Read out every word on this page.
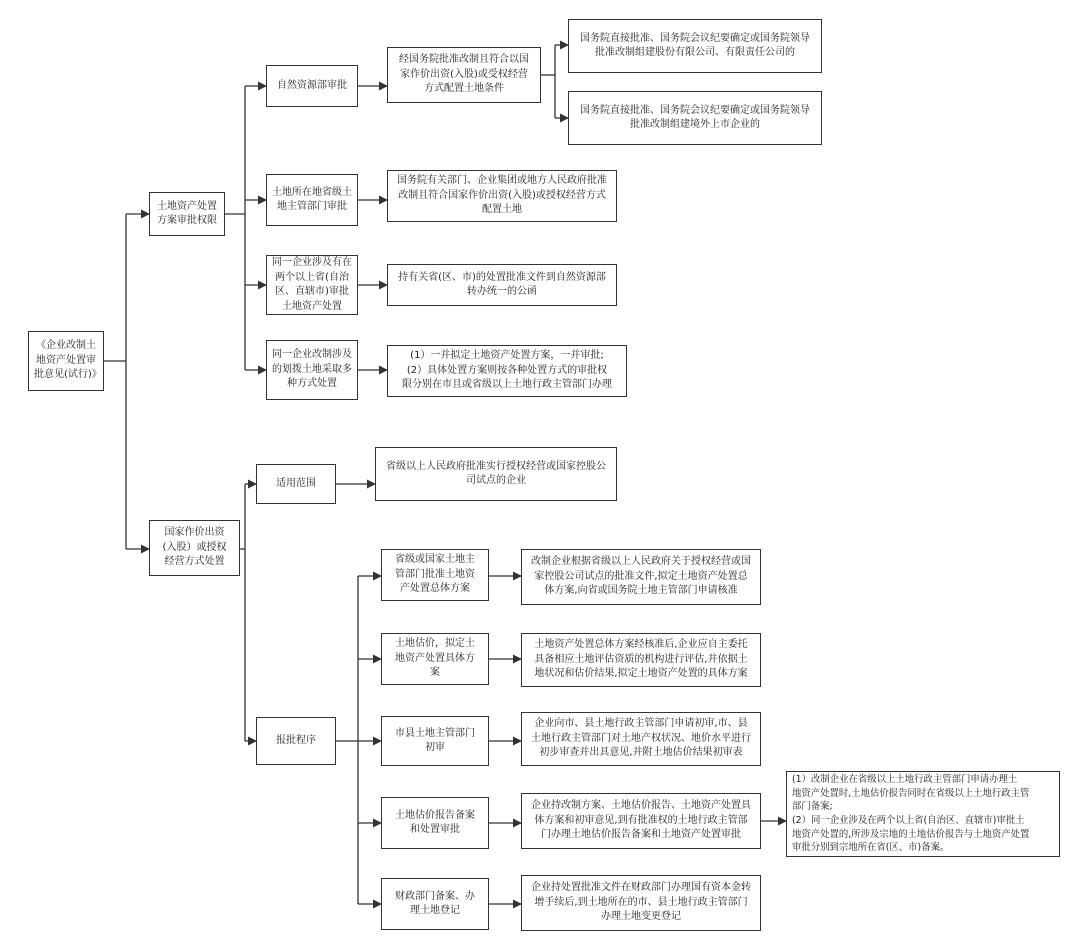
《企业改制土
地资产处置审
批意见(试行)》
土地资产处置
方案审批权限
国家作价出资
(入股）或授权
经营方式处置
自然资源部审批
土地所在地省级土
地主管部门审批
同一企业涉及有在
两个以上省(自治
区、直辖市)审批
土地资产处置
同一企业改制涉及
的划拨土地采取多
种方式处置
经国务院批准改制且符合以国
家作价出资(入股)或受权经营
方式配置土地条件
国务院有关部门、企业集团或地方人民政府批准
改制且符合国家作价出资(入股)或授权经营方式
配置土地
持有关省(区、市)的处置批准文件到自然资源部
转办统一的公函
(1）一并拟定土地资产处置方案，一并审批;
(2）具体处置方案则按各种处置方式的审批权
限分别在市且或省级以上土地行政主管部门办理
国务院直接批准、国务院会议纪要确定或国务院领导
批准改制组建股份有限公司、有限责任公司的
国务院直接批准、国务院会议纪要确定或国务院领导
批准改制组建境外上市企业的
适用范围
报批程序
省级以上人民政府批准实行授权经营或国家控股公
司试点的企业
省级或国家土地主
管部门批准土地资
产处置总体方案
土地估价，拟定土
地资产处置具体方
案
市县土地主管部门
初审
土地估价报告备案
和处置审批
财政部门备案、办
理土地登记
改制企业根据省级以上人民政府关于授权经营或国
家控股公司试点的批准文件,拟定土地资产处置总
体方案,向省或国务院土地主管部门申请核准
土地资产处置总体方案经核准后,企业应自主委托
具备相应土地评估资质的机构进行评估,并依据土
地状况和估价结果,拟定土地资产处置的具体方案
企业向市、县土地行政主管部门申请初审,市、县
土地行政主管部门对土地产权状况、地价水平进行
初步审查并出具意见,并附土地估价结果初审表
企业持改制方案、土地估价报告、土地资产处置具
体方案和初审意见,到有批准权的土地行政主管部
门办理土地估价报告备案和土地资产处置审批
企业持处置批准文件在财政部门办理国有资本金转
增手续后,到土地所在的市、县土地行政主管部门
办理土地变更登记
(1）改制企业在省级以上土地行政主管部门申请办理土
地资产处置时,土地估价报告同时在省级以上土地行政主管
部门备案;
(2）同一企业涉及在两个以上省(自治区、直辖市)审批土
地资产处置的,所涉及宗地的土地估价报告与土地资产处置
审批分别到宗地所在省(区、市)备案。
